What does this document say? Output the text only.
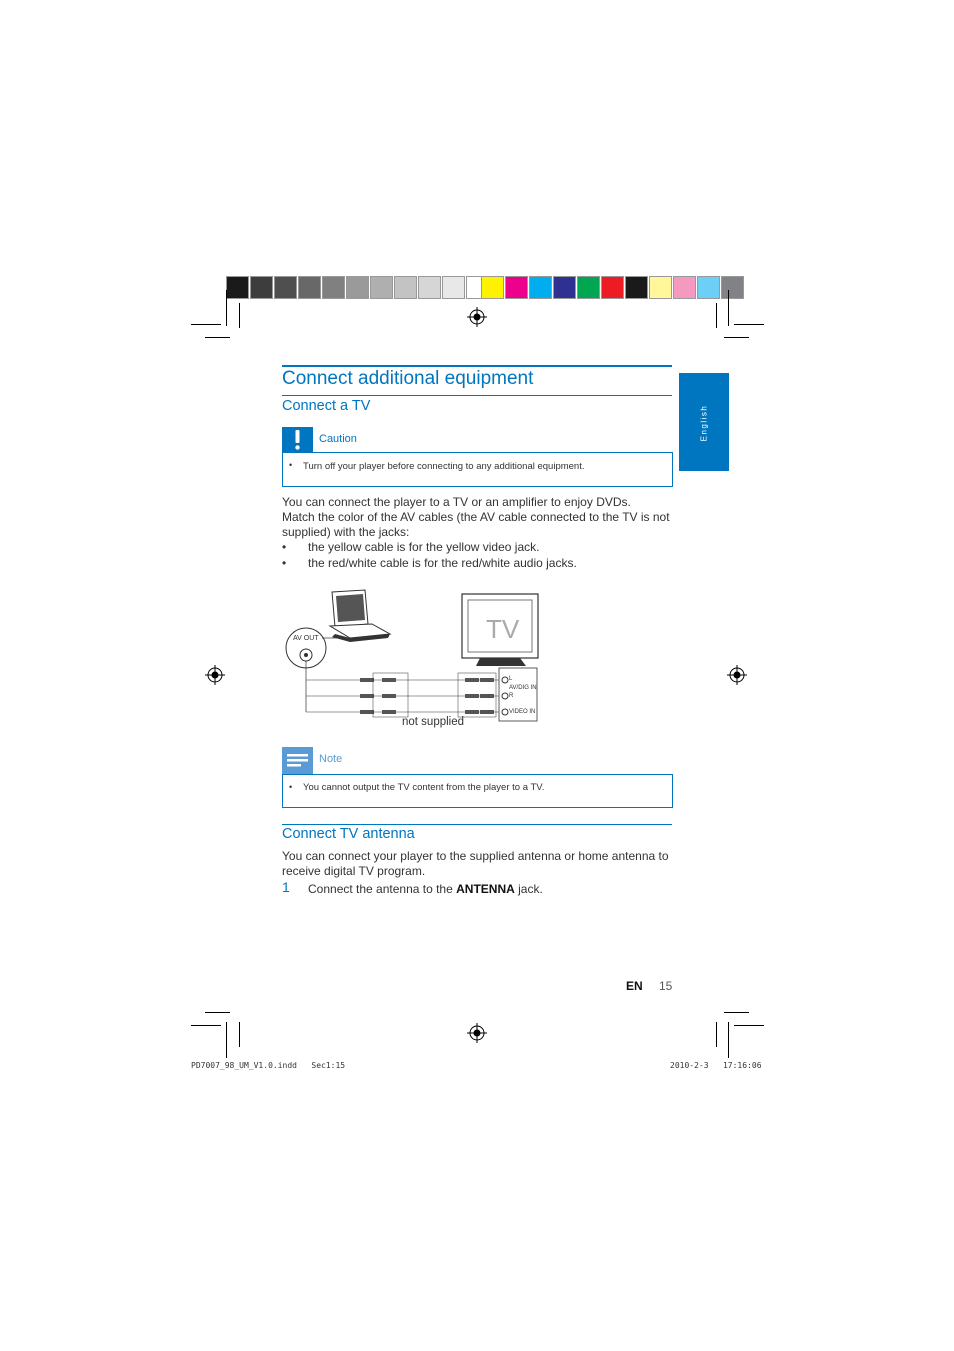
English
Connect additional equipment
Connect a TV
Caution
• Turn off your player before connecting to any additional equipment.
You can connect the player to a TV or an amplifier to enjoy DVDs.
Match the color of the AV cables (the AV cable connected to the TV is not
supplied) with the jacks:
• the yellow cable is for the yellow video jack.
• the red/white cable is for the red/white audio jacks.
AV OUT	TV
not supplied
L
AV/DIG IN
R
VIDEO IN
Note
• You cannot output the TV content from the player to a TV.
Connect TV antenna
You can connect your player to the supplied antenna or home antenna to
receive digital TV program.
1 Connect the antenna to the ANTENNA jack.
EN 15
PD7007_98_UM_V1.0.indd   Sec1:15	2010-2-3   17:16:06
